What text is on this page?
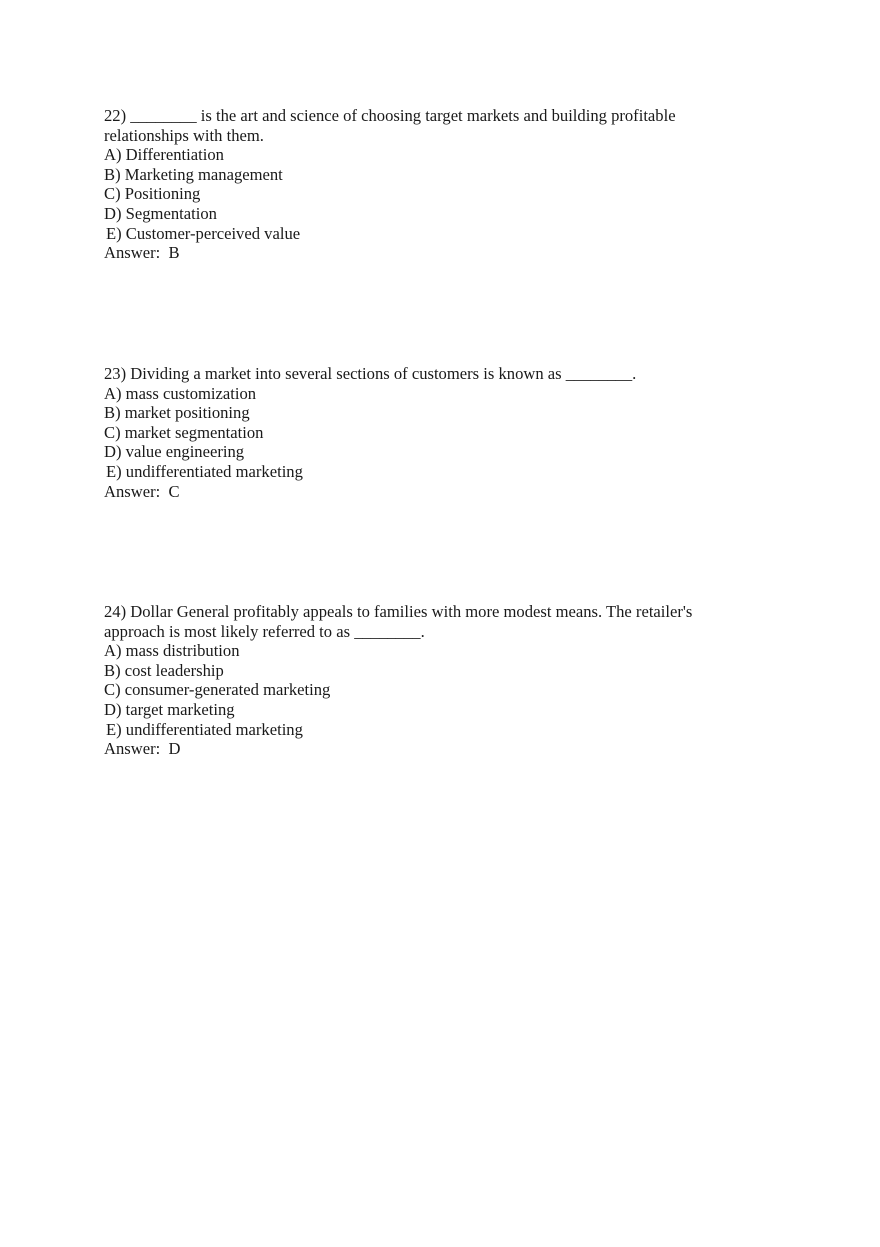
22) ________ is the art and science of choosing target markets and building profitable relationships with them.

A) Differentiation
B) Marketing management
C) Positioning
D) Segmentation
E) Customer-perceived value

Answer:  B

23) Dividing a market into several sections of customers is known as ________.

A) mass customization
B) market positioning
C) market segmentation
D) value engineering
E) undifferentiated marketing

Answer:  C

24) Dollar General profitably appeals to families with more modest means. The retailer's approach is most likely referred to as ________.

A) mass distribution
B) cost leadership
C) consumer-generated marketing
D) target marketing
E) undifferentiated marketing

Answer:  D
